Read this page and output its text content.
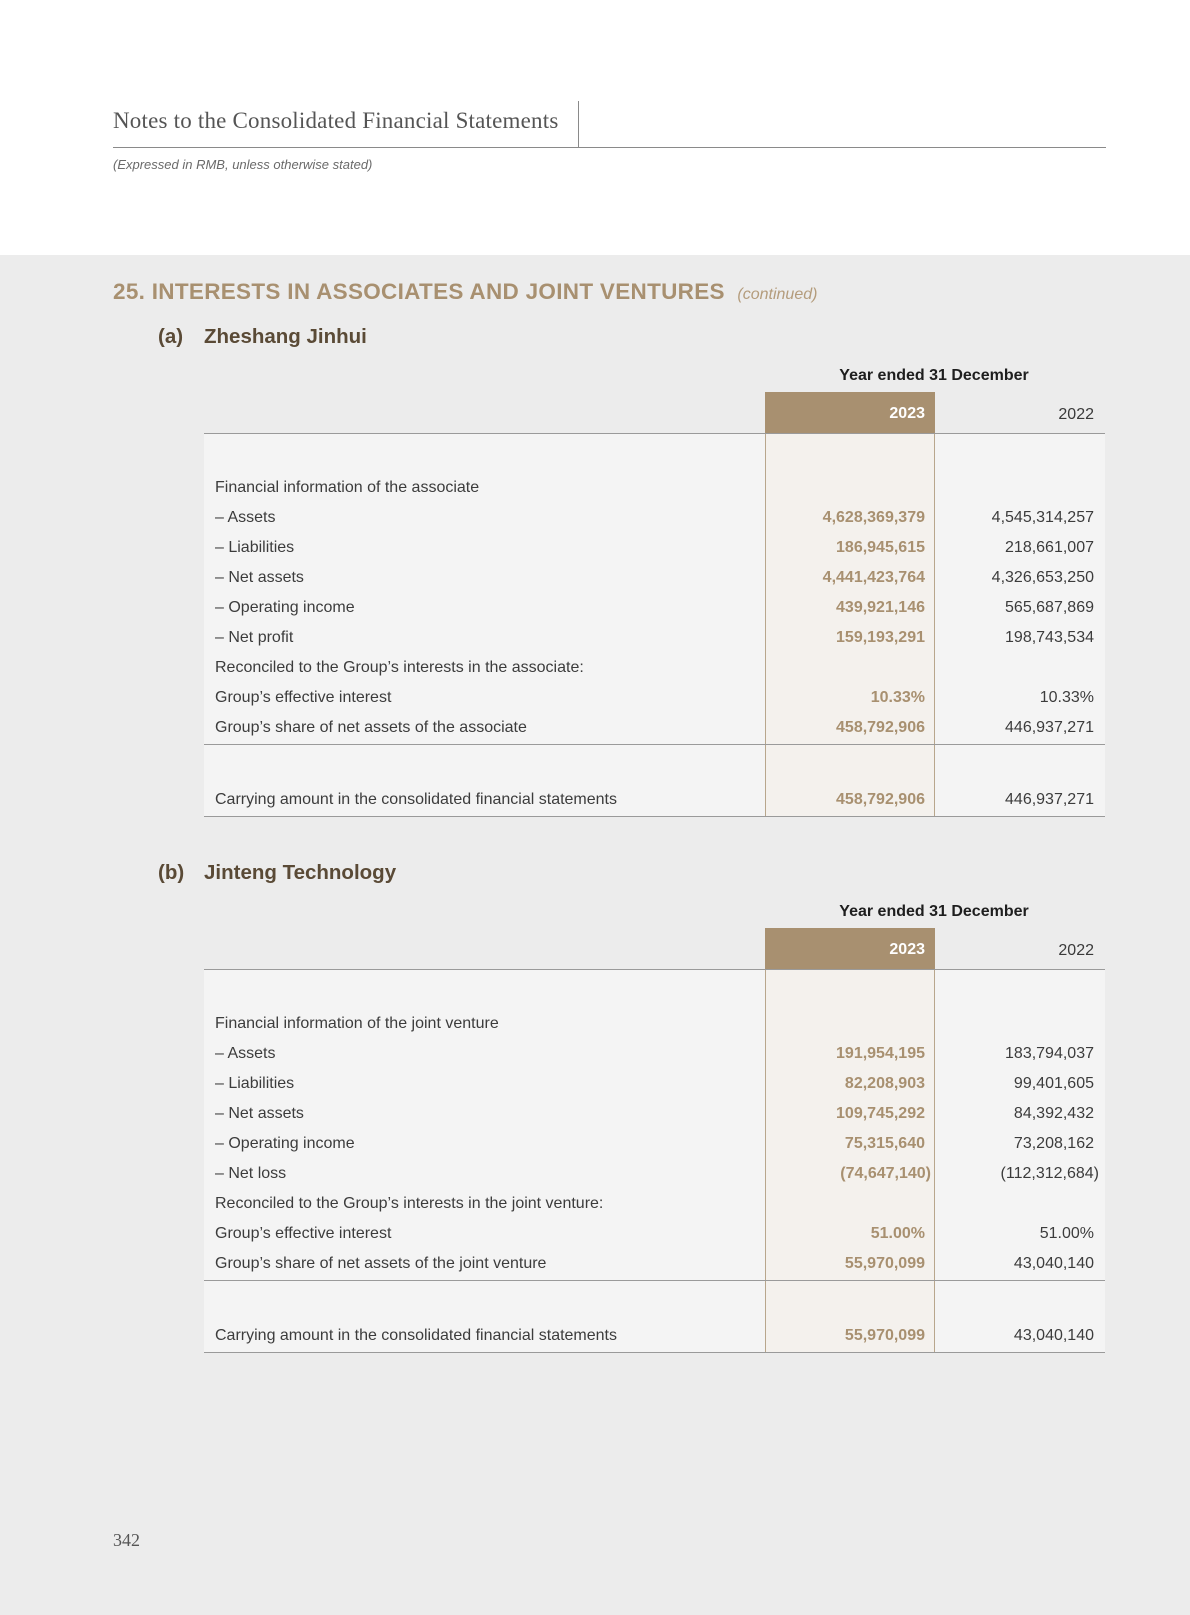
Notes to the Consolidated Financial Statements
(Expressed in RMB, unless otherwise stated)
25. INTERESTS IN ASSOCIATES AND JOINT VENTURES (continued)
(a) Zheshang Jinhui
Year ended 31 December
2023	2022
Financial information of the associate
– Assets	4,628,369,379	4,545,314,257
– Liabilities	186,945,615	218,661,007
– Net assets	4,441,423,764	4,326,653,250
– Operating income	439,921,146	565,687,869
– Net profit	159,193,291	198,743,534
Reconciled to the Group’s interests in the associate:
Group’s effective interest	10.33%	10.33%
Group’s share of net assets of the associate	458,792,906	446,937,271
Carrying amount in the consolidated financial statements	458,792,906	446,937,271
(b) Jinteng Technology
Year ended 31 December
2023	2022
Financial information of the joint venture
– Assets	191,954,195	183,794,037
– Liabilities	82,208,903	99,401,605
– Net assets	109,745,292	84,392,432
– Operating income	75,315,640	73,208,162
– Net loss	(74,647,140)	(112,312,684)
Reconciled to the Group’s interests in the joint venture:
Group’s effective interest	51.00%	51.00%
Group’s share of net assets of the joint venture	55,970,099	43,040,140
Carrying amount in the consolidated financial statements	55,970,099	43,040,140
342
